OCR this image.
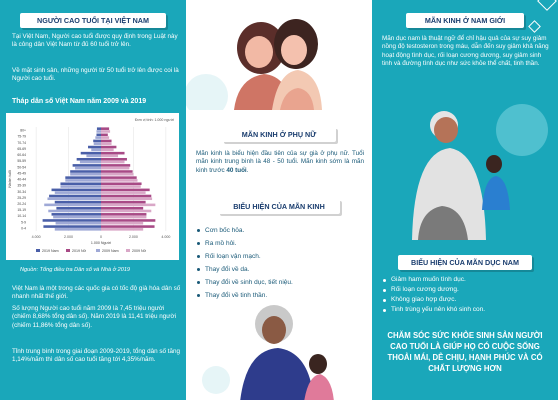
NGƯỜI CAO TUỔI TẠI VIỆT NAM
Tại Việt Nam, Người cao tuổi được quy định trong Luật này là công dân Việt Nam từ đủ 60 tuổi trở lên.
Về mặt sinh sản, những người từ 50 tuổi trở lên được coi là Người cao tuổi.
Tháp dân số Việt Nam năm 2009 và 2019
Đơn vị tính: 1.000 người
4.000	2.000	0	2.000	4.000
80+
75-79
70-74
65-69
60-64
55-59
50-54
45-49
40-44
35-39
30-34
25-29
20-24
15-19
10-14
5-9
0-4
Nhóm tuổi
1.000 Người
2019 Nam	2019 Nữ	2009 Nam	2009 Nữ
Nguồn: Tổng điều tra Dân số và Nhà ở 2019
Việt Nam là một trong các quốc gia có tốc độ già hóa dân số nhanh nhất thế giới.
Số lượng Người cao tuổi năm 2009 là 7,45 triệu người (chiếm 8,68% tổng dân số). Năm 2019 là 11,41 triệu người (chiếm 11,86% tổng dân số).
Tỉnh trung bình trong giai đoạn 2009-2019, tổng dân số tăng 1,14%/năm thì dân số cao tuổi tăng tới 4,35%/năm.
MÃN KINH Ở PHỤ NỮ
Mãn kinh là biểu hiện đầu tiên của sự già ở phụ nữ. Tuổi mãn kinh trung bình là 48 - 50 tuổi. Mãn kinh sớm là mãn kinh trước 40 tuổi.
BIỂU HIỆN CỦA MÃN KINH
Cơn bốc hỏa.
Ra mồ hôi.
Rối loạn vận mạch.
Thay đổi về da.
Thay đổi về sinh dục, tiết niệu.
Thay đổi về tinh thần.
MÃN KINH Ở NAM GIỚI
Mãn dục nam là thuật ngữ để chỉ hậu quả của sự suy giảm nồng độ testosteron trong máu, dẫn đến suy giảm khả năng hoạt động tình dục, rối loạn cương dương, suy giảm sinh tinh và đường tình dục như sức khỏe thể chất, tinh thần.
BIỂU HIỆN CỦA MÃN DỤC NAM
Giảm ham muốn tình dục.
Rối loạn cương dương.
Không giao hợp được.
Tinh trùng yếu nên khó sinh con.
CHĂM SÓC SỨC KHỎE SINH SẢN NGƯỜI CAO TUỔI LÀ GIÚP HỌ CÓ CUỘC SỐNG THOẢI MÁI, DỄ CHỊU, HẠNH PHÚC VÀ CÓ CHẤT LƯỢNG HƠN
